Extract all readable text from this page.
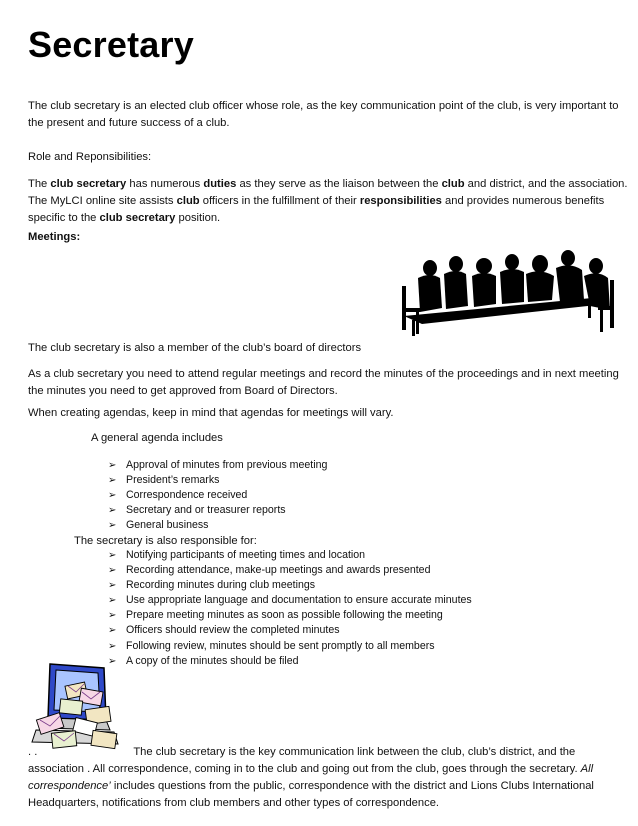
Secretary

The club secretary is an elected club officer whose role, as the key communication point of the club, is very important to the present and future success of a club.

Role and Reponsibilities:

The club secretary has numerous duties as they serve as the liaison between the club and district, and the association. The MyLCI online site assists club officers in the fulfillment of their responsibilities and provides numerous benefits specific to the club secretary position.

Meetings:

The club secretary is also a member of the club’s board of directors

As a club secretary you need to attend regular meetings and record the minutes of the proceedings and in next meeting the minutes you need to get approved from Board of Directors.

When creating agendas, keep in mind that agendas for meetings will vary.

A general agenda includes

➢ Approval of minutes from previous meeting
➢ President’s remarks
➢ Correspondence received
➢ Secretary and or treasurer reports
➢ General business

The secretary is also responsible for:

➢ Notifying participants of meeting times and location
➢ Recording attendance, make-up meetings and awards presented
➢ Recording minutes during club meetings
➢ Use appropriate language and documentation to ensure accurate minutes
➢ Prepare meeting minutes as soon as possible following the meeting
➢ Officers should review the completed minutes
➢ Following review, minutes should be sent promptly to all members
➢ A copy of the minutes should be filed

. .	The club secretary is the key communication link between the club, club’s district, and the association . All correspondence, coming in to the club and going out from the club, goes through the secretary. All correspondence’ includes questions from the public, correspondence with the district and Lions Clubs International Headquarters, notifications from club members and other types of correspondence.
